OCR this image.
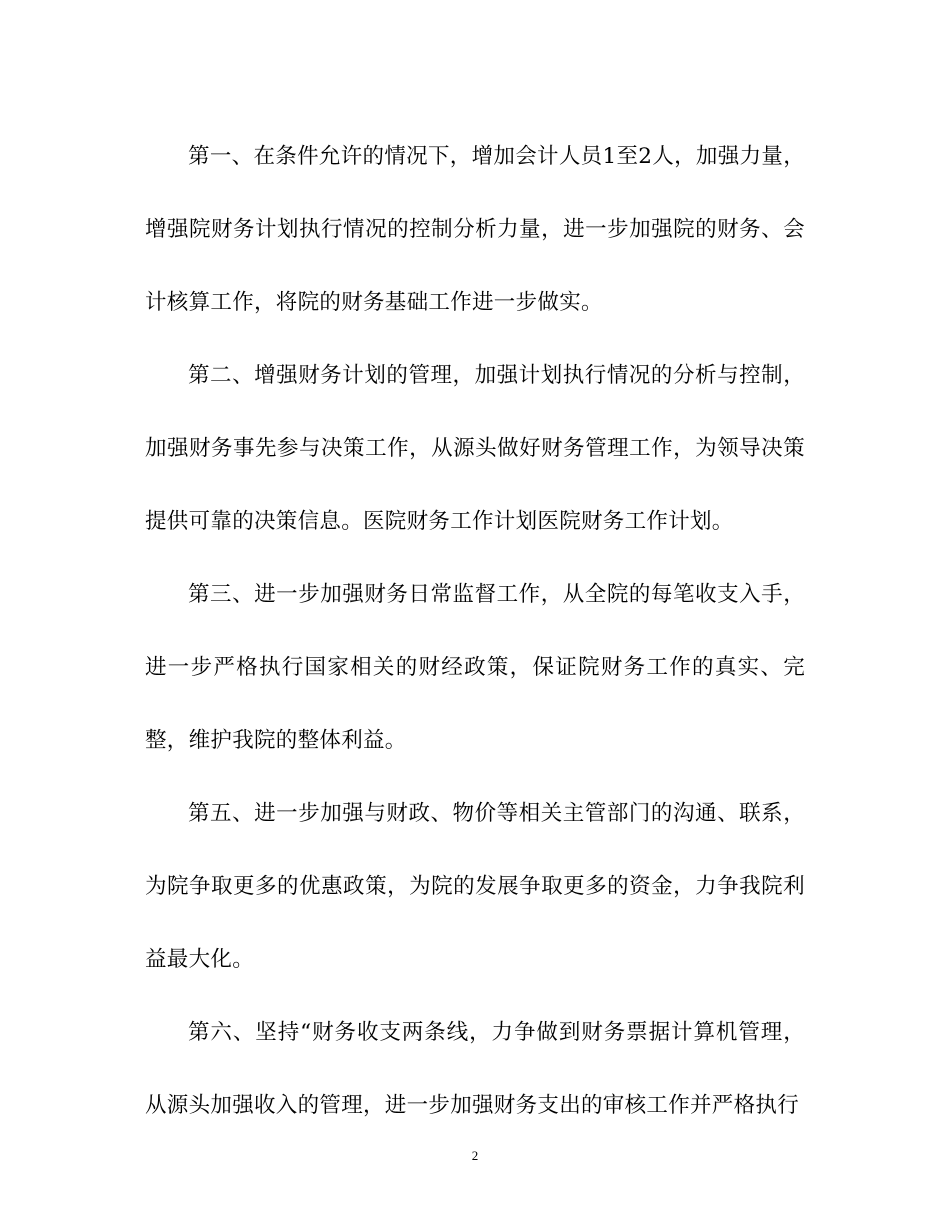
第一、在条件允许的情况下，增加会计人员1至2人，加强力量，增强院财务计划执行情况的控制分析力量，进一步加强院的财务、会计核算工作，将院的财务基础工作进一步做实。

第二、增强财务计划的管理，加强计划执行情况的分析与控制，加强财务事先参与决策工作，从源头做好财务管理工作，为领导决策提供可靠的决策信息。医院财务工作计划医院财务工作计划。

第三、进一步加强财务日常监督工作，从全院的每笔收支入手，进一步严格执行国家相关的财经政策，保证院财务工作的真实、完整，维护我院的整体利益。

第五、进一步加强与财政、物价等相关主管部门的沟通、联系，为院争取更多的优惠政策，为院的发展争取更多的资金，力争我院利益最大化。

第六、坚持“财务收支两条线，力争做到财务票据计算机管理，从源头加强收入的管理，进一步加强财务支出的审核工作并严格执行

2
